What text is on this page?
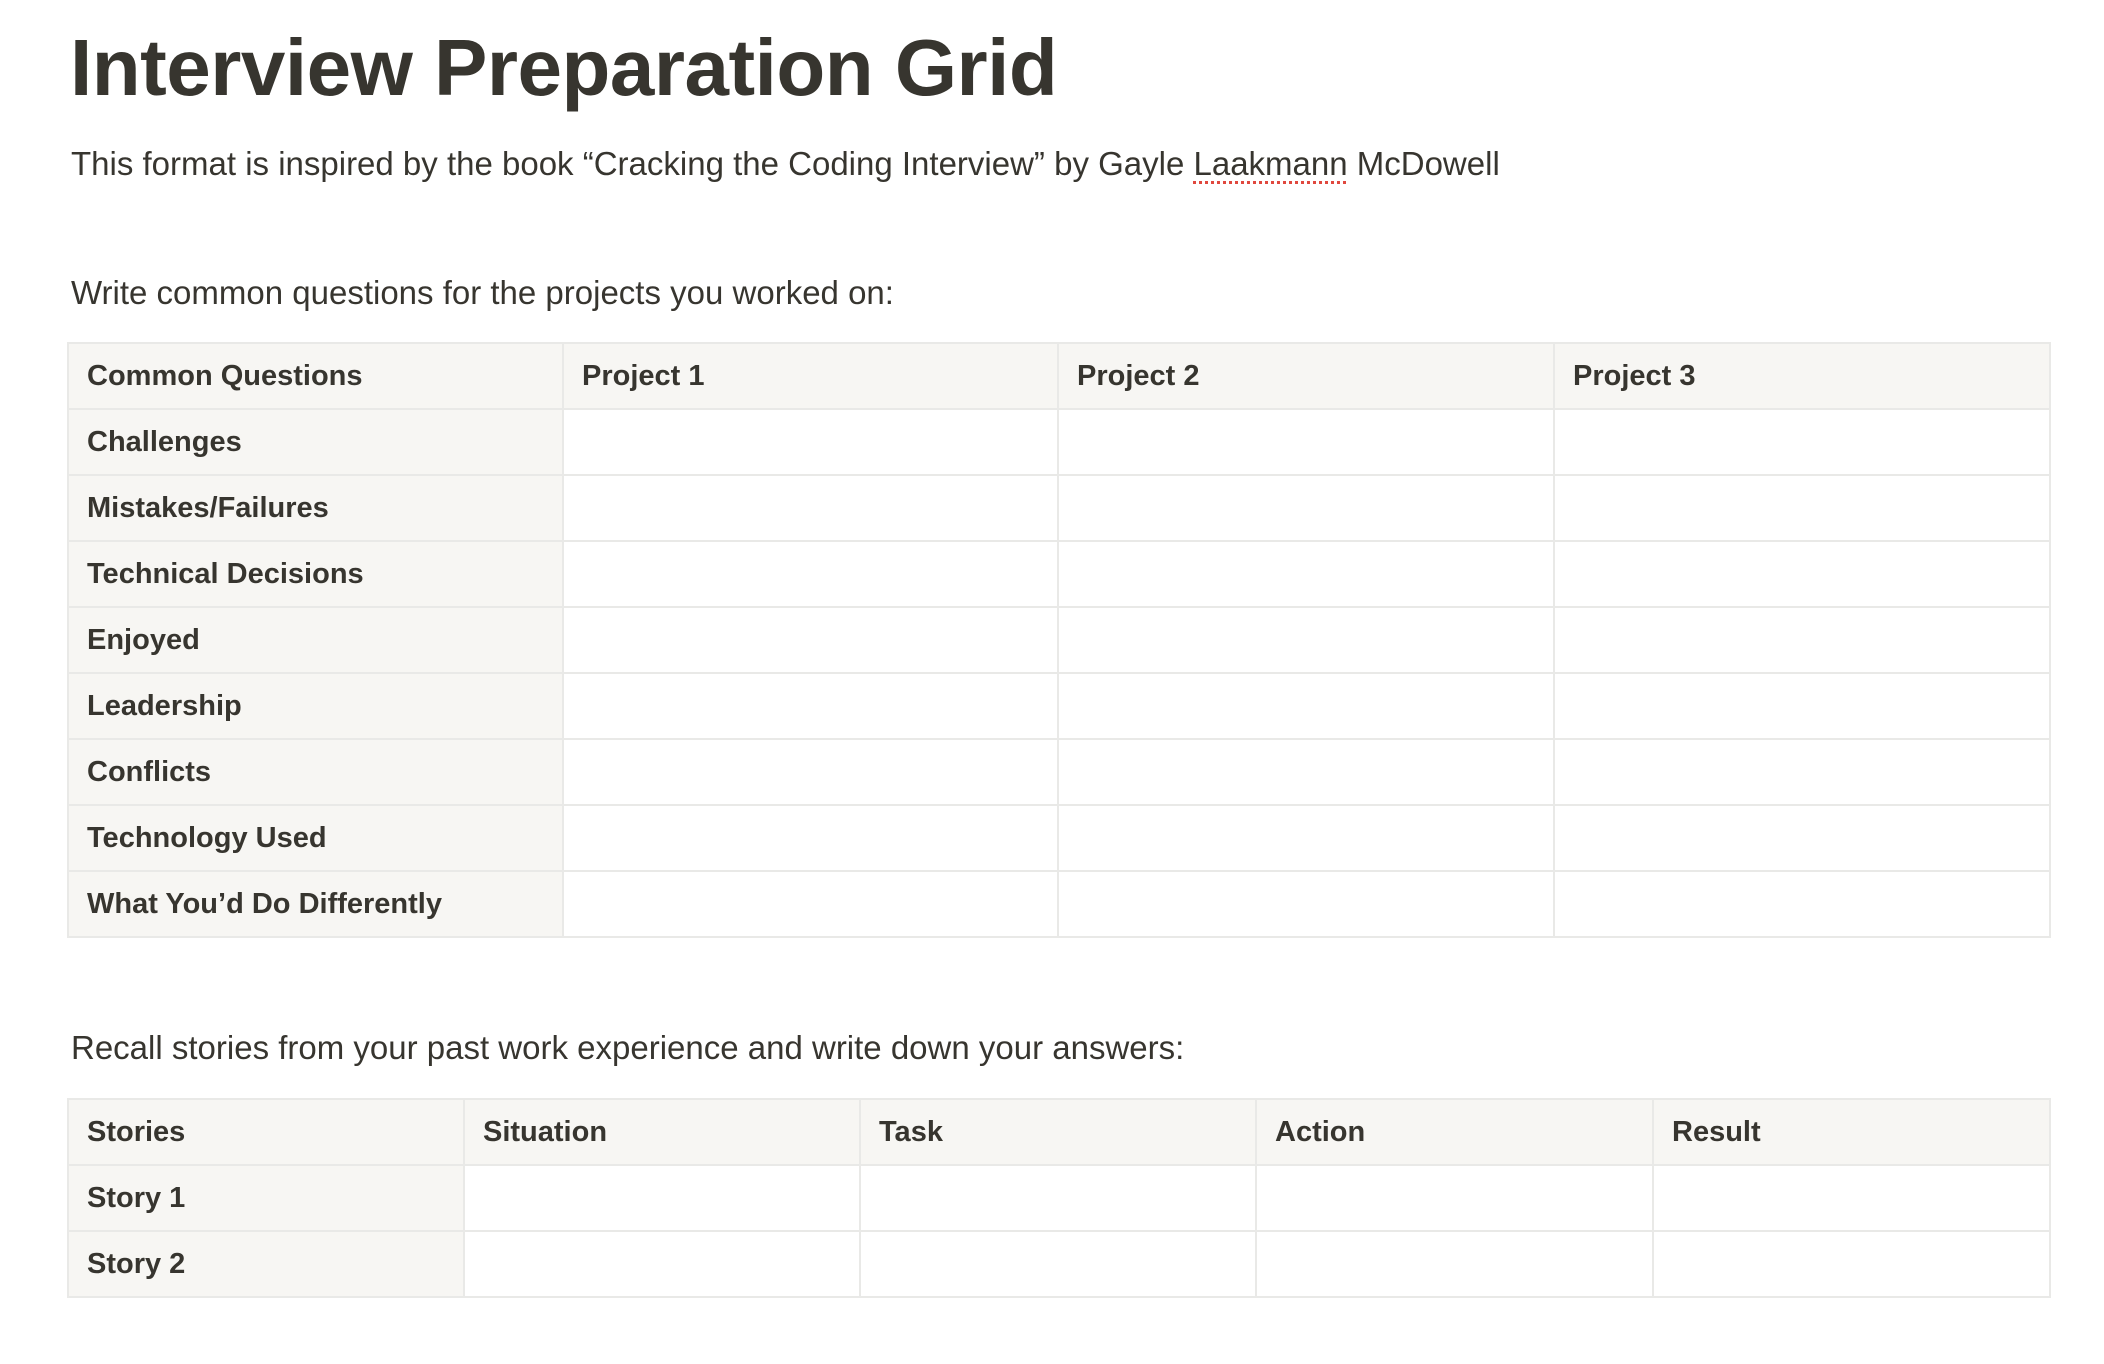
Interview Preparation Grid
This format is inspired by the book “Cracking the Coding Interview” by Gayle Laakmann McDowell
Write common questions for the projects you worked on:
Common Questions	Project 1	Project 2	Project 3
Challenges			
Mistakes/Failures			
Technical Decisions			
Enjoyed			
Leadership			
Conflicts			
Technology Used			
What You’d Do Differently			
Recall stories from your past work experience and write down your answers:
Stories	Situation	Task	Action	Result
Story 1				
Story 2				
